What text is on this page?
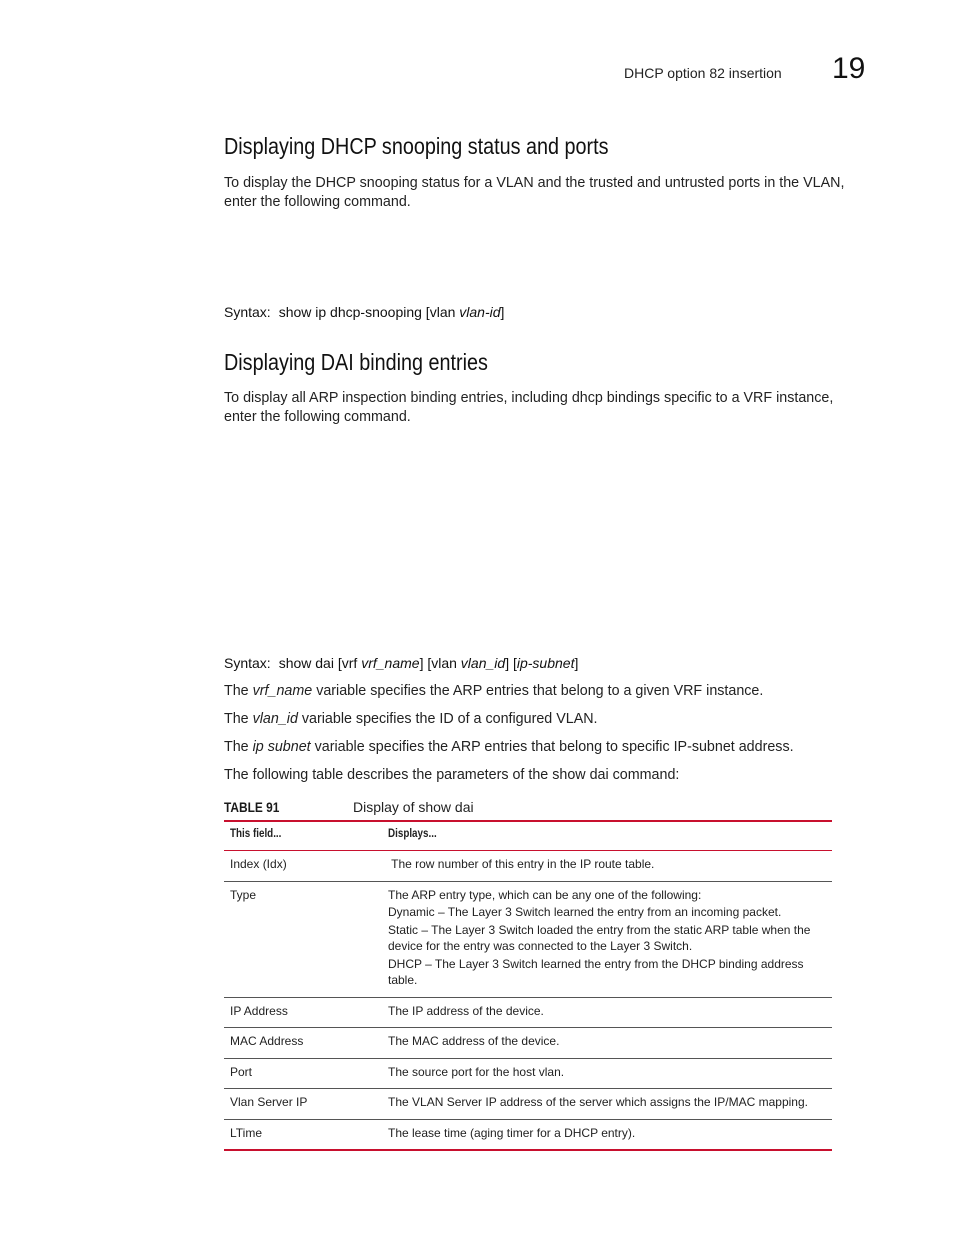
DHCP option 82 insertion 19
Displaying DHCP snooping status and ports
To display the DHCP snooping status for a VLAN and the trusted and untrusted ports in the VLAN, enter the following command.
Syntax: show ip dhcp-snooping [vlan vlan-id]
Displaying DAI binding entries
To display all ARP inspection binding entries, including dhcp bindings specific to a VRF instance, enter the following command.
Syntax: show dai [vrf vrf_name] [vlan vlan_id] [ip-subnet]
The vrf_name variable specifies the ARP entries that belong to a given VRF instance.
The vlan_id variable specifies the ID of a configured VLAN.
The ip subnet variable specifies the ARP entries that belong to specific IP-subnet address.
The following table describes the parameters of the show dai command:
TABLE 91	Display of show dai
This field...	Displays...
Index (Idx)	The row number of this entry in the IP route table.

Type	The ARP entry type, which can be any one of the following:
Dynamic – The Layer 3 Switch learned the entry from an incoming packet.
Static – The Layer 3 Switch loaded the entry from the static ARP table when the device for the entry was connected to the Layer 3 Switch.
DHCP – The Layer 3 Switch learned the entry from the DHCP binding address table.

IP Address	The IP address of the device.

MAC Address	The MAC address of the device.

Port	The source port for the host vlan.

Vlan Server IP	The VLAN Server IP address of the server which assigns the IP/MAC mapping.

LTime	The lease time (aging timer for a DHCP entry).
